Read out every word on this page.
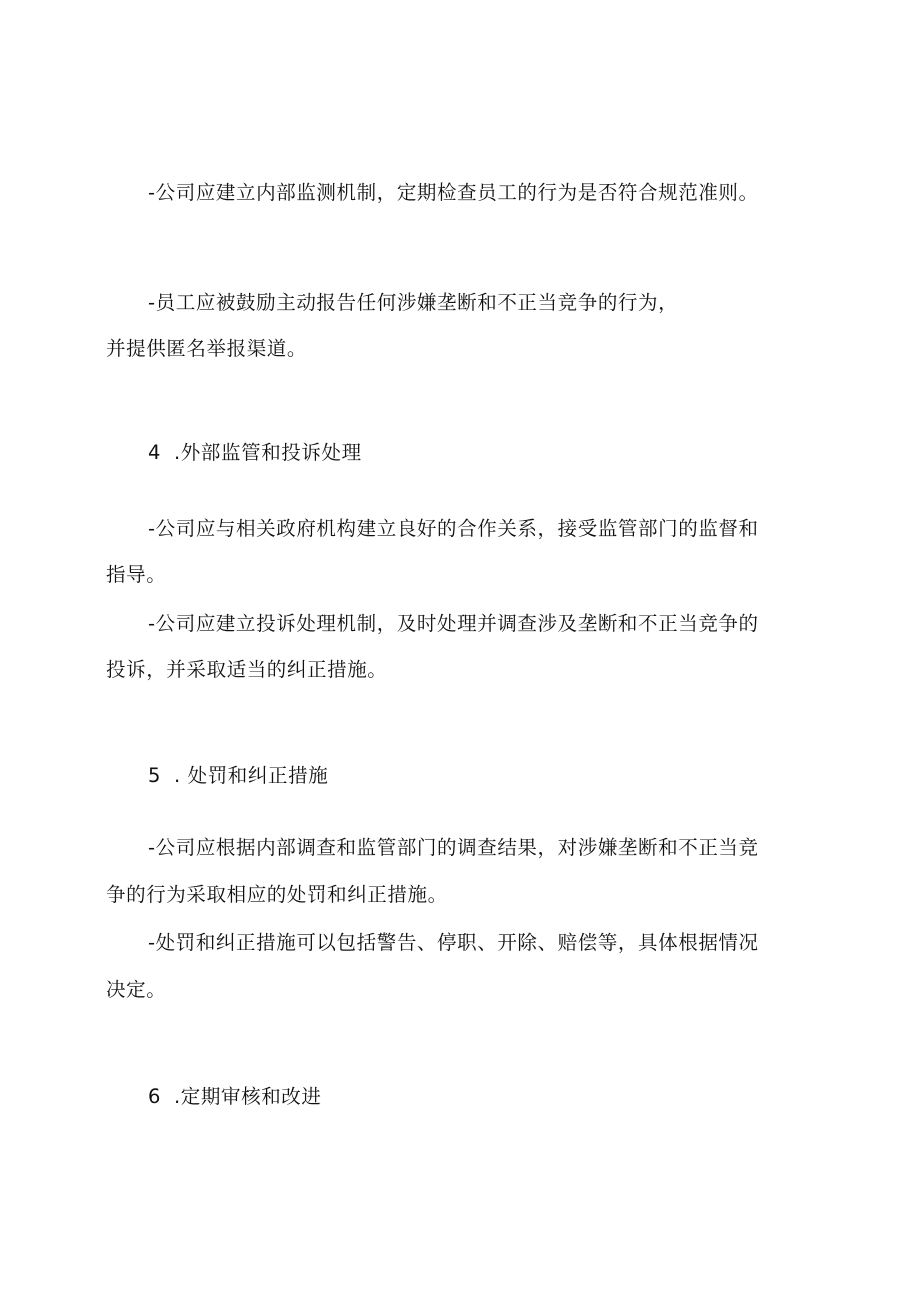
-公司应建立内部监测机制，定期检查员工的行为是否符合规范准则。
-员工应被鼓励主动报告任何涉嫌垄断和不正当竞争的行为，
并提供匿名举报渠道。
4 .外部监管和投诉处理
-公司应与相关政府机构建立良好的合作关系，接受监管部门的监督和
指导。
-公司应建立投诉处理机制，及时处理并调查涉及垄断和不正当竞争的
投诉，并采取适当的纠正措施。
5 . 处罚和纠正措施
-公司应根据内部调查和监管部门的调查结果，对涉嫌垄断和不正当竞
争的行为采取相应的处罚和纠正措施。
-处罚和纠正措施可以包括警告、停职、开除、赔偿等，具体根据情况
决定。
6 .定期审核和改进
